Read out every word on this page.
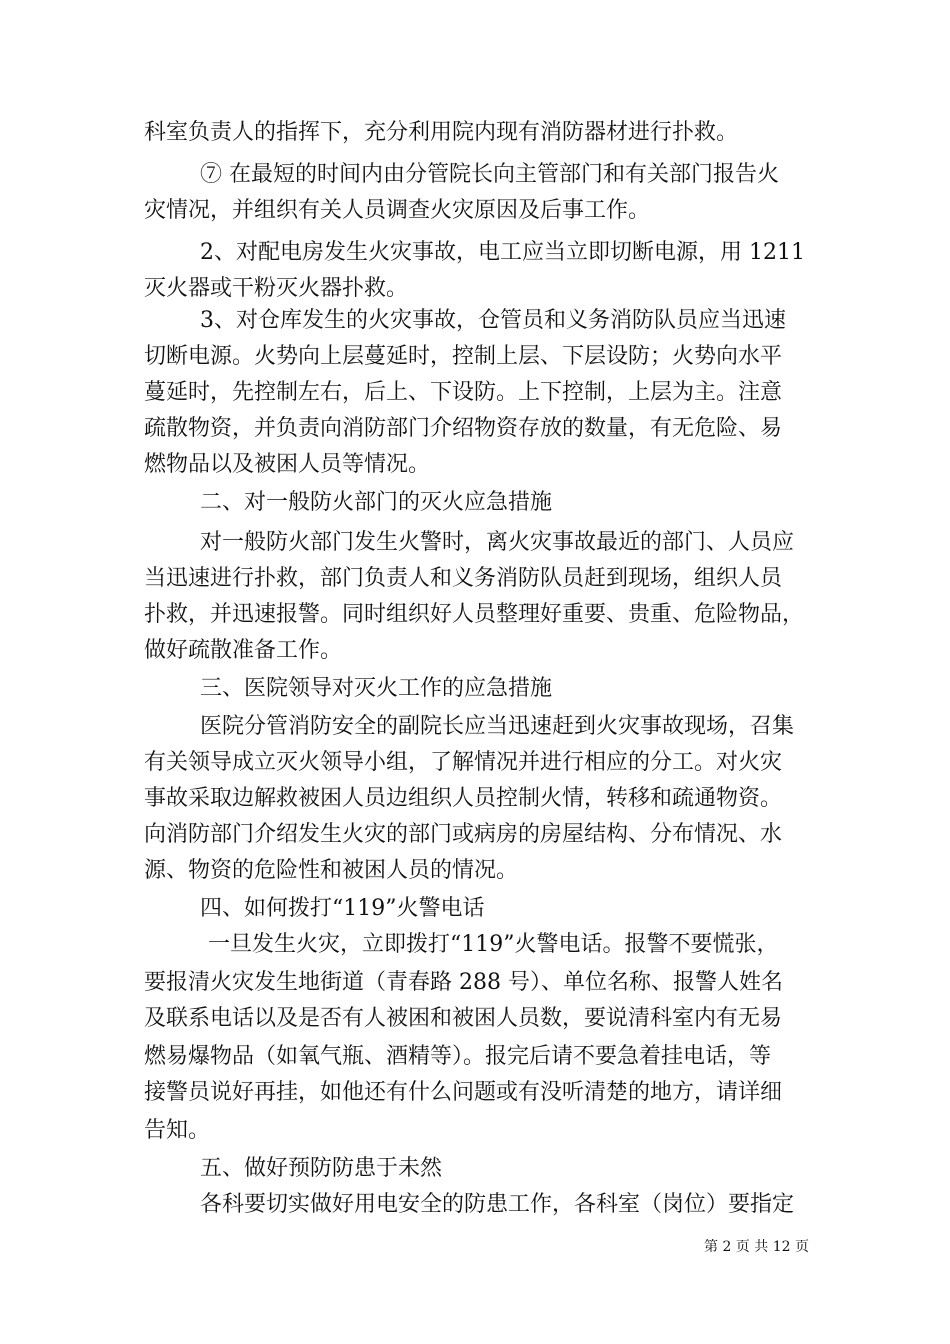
科室负责人的指挥下，充分利用院内现有消防器材进行扑救。
⑦ 在最短的时间内由分管院长向主管部门和有关部门报告火
灾情况，并组织有关人员调查火灾原因及后事工作。
2、对配电房发生火灾事故，电工应当立即切断电源，用 1211
灭火器或干粉灭火器扑救。
3、对仓库发生的火灾事故，仓管员和义务消防队员应当迅速
切断电源。火势向上层蔓延时，控制上层、下层设防；火势向水平
蔓延时，先控制左右，后上、下设防。上下控制，上层为主。注意
疏散物资，并负责向消防部门介绍物资存放的数量，有无危险、易
燃物品以及被困人员等情况。
二、对一般防火部门的灭火应急措施
对一般防火部门发生火警时，离火灾事故最近的部门、人员应
当迅速进行扑救，部门负责人和义务消防队员赶到现场，组织人员
扑救，并迅速报警。同时组织好人员整理好重要、贵重、危险物品，
做好疏散准备工作。
三、医院领导对灭火工作的应急措施
医院分管消防安全的副院长应当迅速赶到火灾事故现场，召集
有关领导成立灭火领导小组，了解情况并进行相应的分工。对火灾
事故采取边解救被困人员边组织人员控制火情，转移和疏通物资。
向消防部门介绍发生火灾的部门或病房的房屋结构、分布情况、水
源、物资的危险性和被困人员的情况。
四、如何拨打“119”火警电话
一旦发生火灾，立即拨打“119”火警电话。报警不要慌张，
要报清火灾发生地街道（青春路 288 号）、单位名称、报警人姓名
及联系电话以及是否有人被困和被困人员数，要说清科室内有无易
燃易爆物品（如氧气瓶、酒精等）。报完后请不要急着挂电话，等
接警员说好再挂，如他还有什么问题或有没听清楚的地方，请详细
告知。
五、做好预防防患于未然
各科要切实做好用电安全的防患工作，各科室（岗位）要指定
第 2 页 共 12 页
